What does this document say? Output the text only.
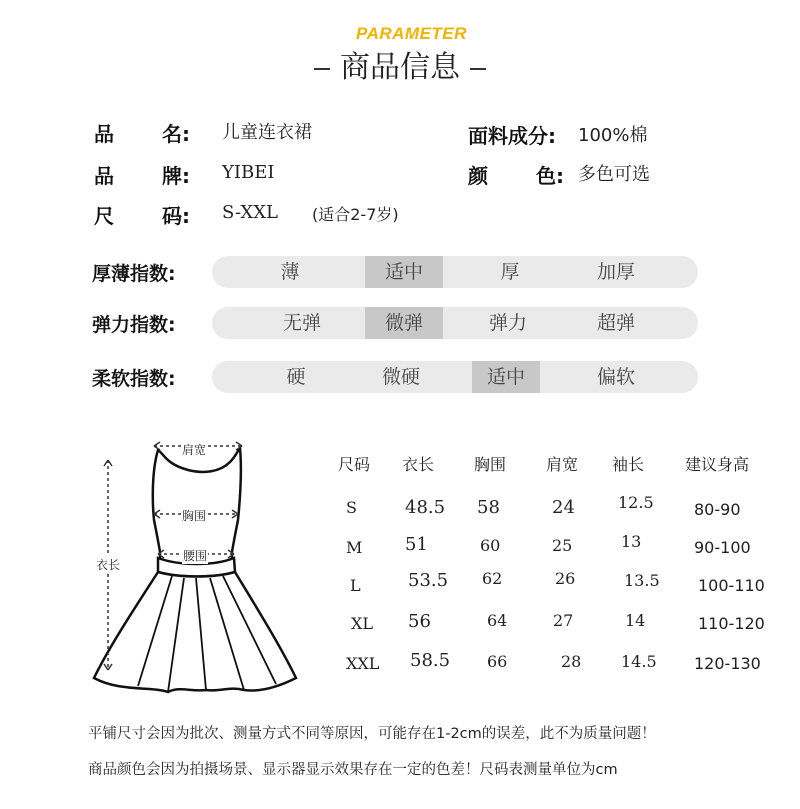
PARAMETER
商品信息
品 名: 儿童连衣裙
品 牌: YIBEI
尺 码: S-XXL (适合2-7岁)
面料成分: 100%棉
颜 色: 多色可选
厚薄指数:	薄	适中	厚	加厚
弹力指数:	无弹	微弹	弹力	超弹
柔软指数:	硬	微硬	适中	偏软
肩宽
胸围
腰围
衣长
尺码 衣长 胸围 肩宽 袖长	建议身高
S	48.5 58	24	12.5	80-90
M 51	60	25	13	90-100
L	53.5 62	26	13.5 100-110
XL 56	64	27	14	110-120
XXL 58.5 66	28 14.5 120-130
平铺尺寸会因为批次、测量方式不同等原因，可能存在1-2cm的误差，此不为质量问题！
商品颜色会因为拍摄场景、显示器显示效果存在一定的色差！尺码表测量单位为cm
